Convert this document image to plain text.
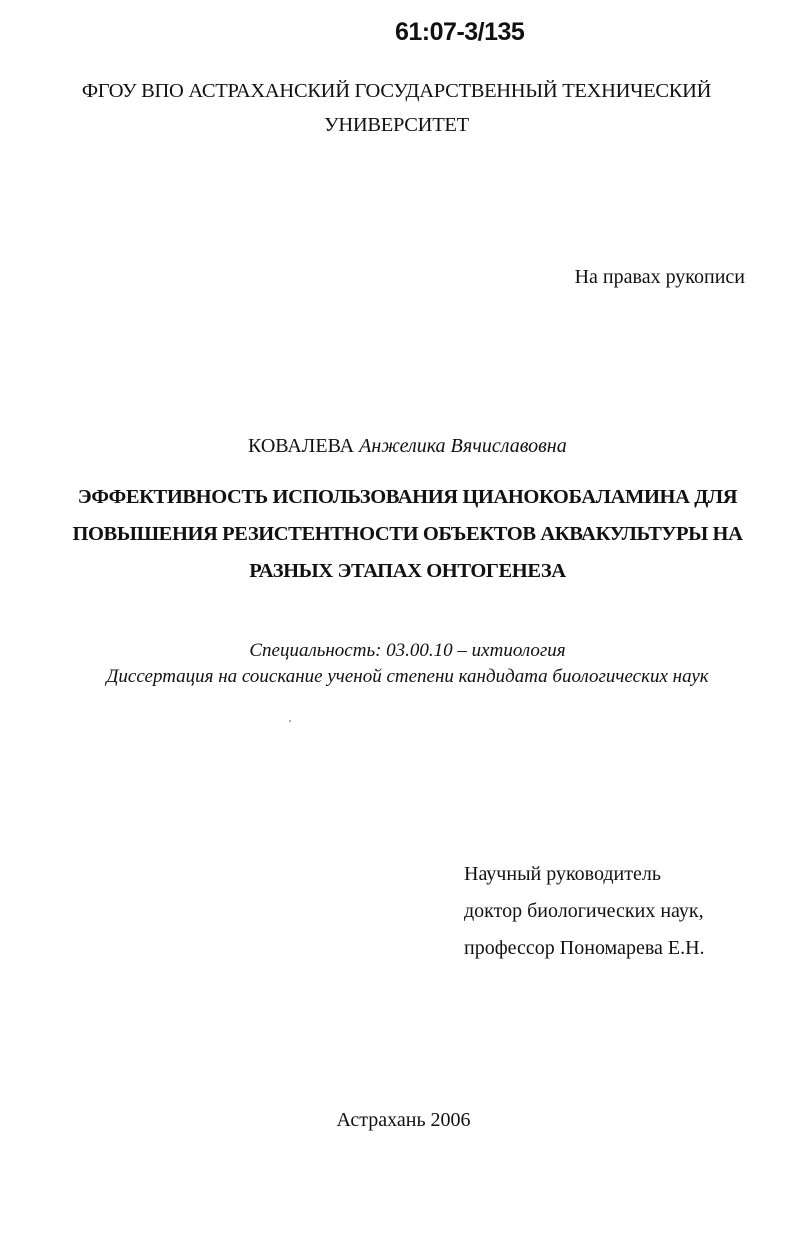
61:07-3/135
ФГОУ ВПО АСТРАХАНСКИЙ ГОСУДАРСТВЕННЫЙ ТЕХНИЧЕСКИЙ
УНИВЕРСИТЕТ
На правах рукописи
КОВАЛЕВА Анжелика Вячиславовна
ЭФФЕКТИВНОСТЬ ИСПОЛЬЗОВАНИЯ ЦИАНОКОБАЛАМИНА ДЛЯ
ПОВЫШЕНИЯ РЕЗИСТЕНТНОСТИ ОБЪЕКТОВ АКВАКУЛЬТУРЫ НА
РАЗНЫХ ЭТАПАХ ОНТОГЕНЕЗА
Специальность: 03.00.10 – ихтиология
Диссертация на соискание ученой степени кандидата биологических наук
Научный руководитель
доктор биологических наук,
профессор Пономарева Е.Н.
Астрахань 2006
